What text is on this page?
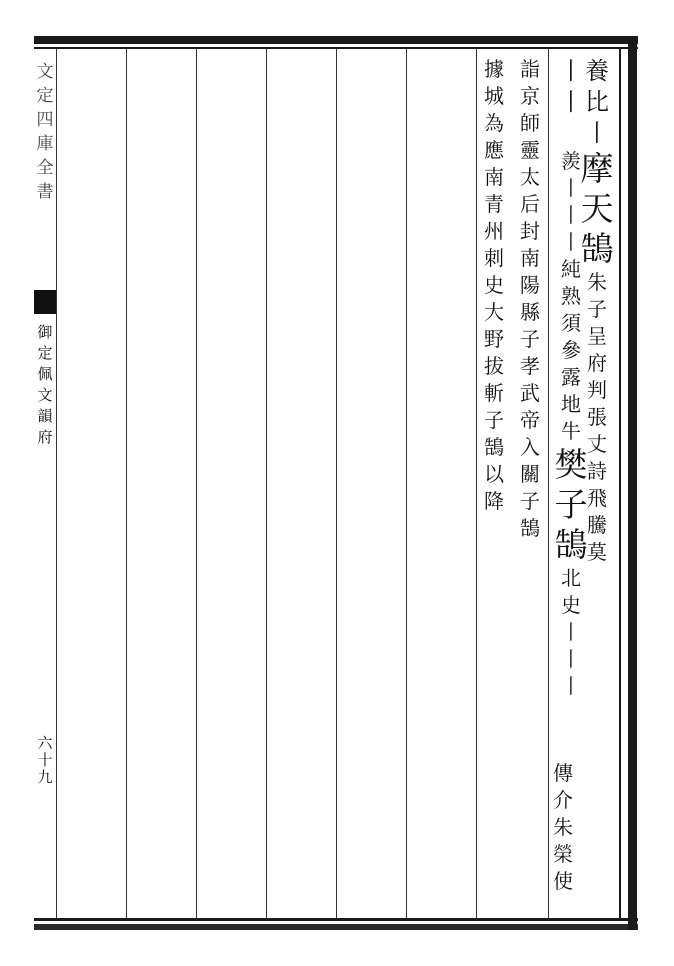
文
定
四
庫
全
書
御
定
佩
文
韻
府
六
十
九
養
比
丨
摩
天
鵠
朱
子
呈
府
判
張
丈
詩
飛
騰
莫
丨
丨
羨
丨
丨
丨
純
熟
須
參
露
地
牛
樊
子
鵠
北
史
丨
丨
丨
傳
介
朱
榮
使
詣
京
師
靈
太
后
封
南
陽
縣
子
孝
武
帝
入
關
子
鵠
據
城
為
應
南
青
州
刺
史
大
野
拔
斬
子
鵠
以
降
